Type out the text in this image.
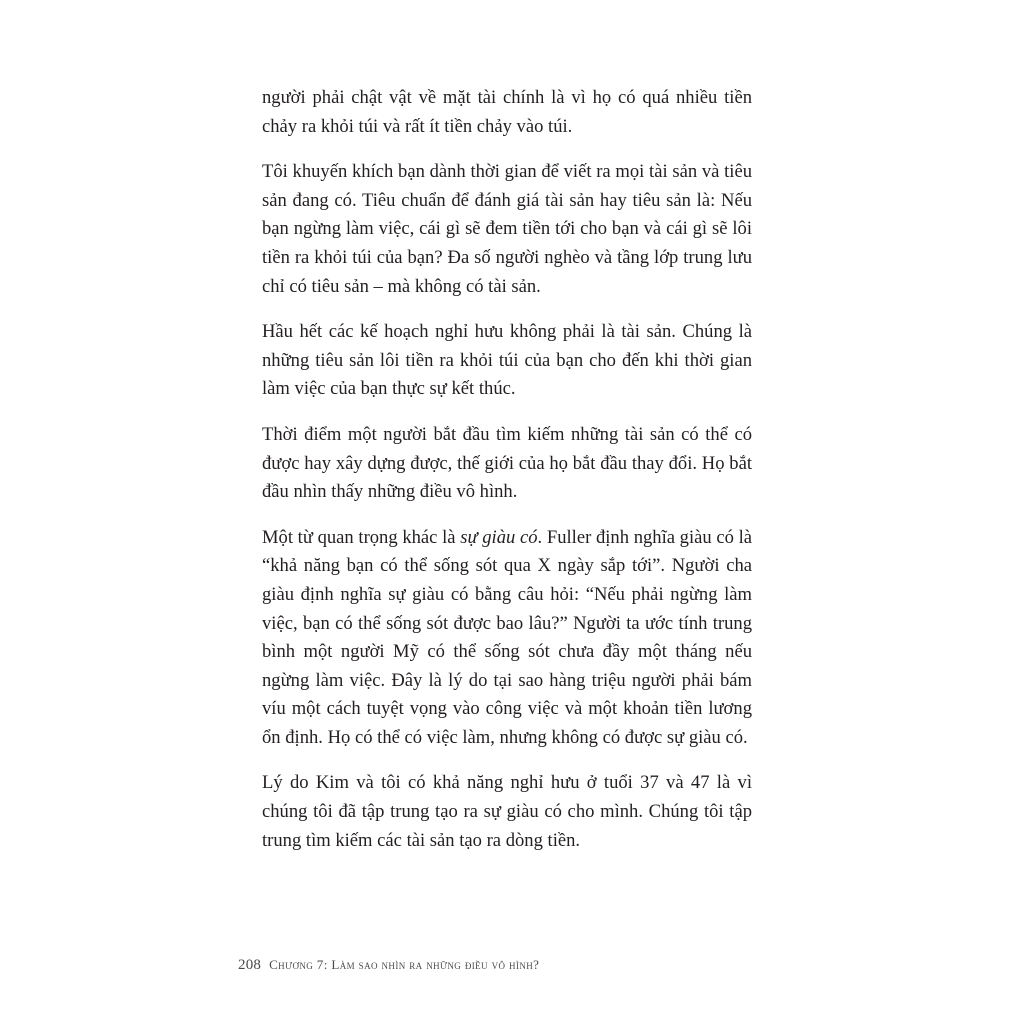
người phải chật vật về mặt tài chính là vì họ có quá nhiều tiền chảy ra khỏi túi và rất ít tiền chảy vào túi.

Tôi khuyến khích bạn dành thời gian để viết ra mọi tài sản và tiêu sản đang có. Tiêu chuẩn để đánh giá tài sản hay tiêu sản là: Nếu bạn ngừng làm việc, cái gì sẽ đem tiền tới cho bạn và cái gì sẽ lôi tiền ra khỏi túi của bạn? Đa số người nghèo và tầng lớp trung lưu chỉ có tiêu sản – mà không có tài sản.

Hầu hết các kế hoạch nghỉ hưu không phải là tài sản. Chúng là những tiêu sản lôi tiền ra khỏi túi của bạn cho đến khi thời gian làm việc của bạn thực sự kết thúc.

Thời điểm một người bắt đầu tìm kiếm những tài sản có thể có được hay xây dựng được, thế giới của họ bắt đầu thay đổi. Họ bắt đầu nhìn thấy những điều vô hình.

Một từ quan trọng khác là sự giàu có. Fuller định nghĩa giàu có là “khả năng bạn có thể sống sót qua X ngày sắp tới”. Người cha giàu định nghĩa sự giàu có bằng câu hỏi: “Nếu phải ngừng làm việc, bạn có thể sống sót được bao lâu?” Người ta ước tính trung bình một người Mỹ có thể sống sót chưa đầy một tháng nếu ngừng làm việc. Đây là lý do tại sao hàng triệu người phải bám víu một cách tuyệt vọng vào công việc và một khoản tiền lương ổn định. Họ có thể có việc làm, nhưng không có được sự giàu có.

Lý do Kim và tôi có khả năng nghỉ hưu ở tuổi 37 và 47 là vì chúng tôi đã tập trung tạo ra sự giàu có cho mình. Chúng tôi tập trung tìm kiếm các tài sản tạo ra dòng tiền.

208 Chương 7: Làm sao nhìn ra những điều vô hình?
